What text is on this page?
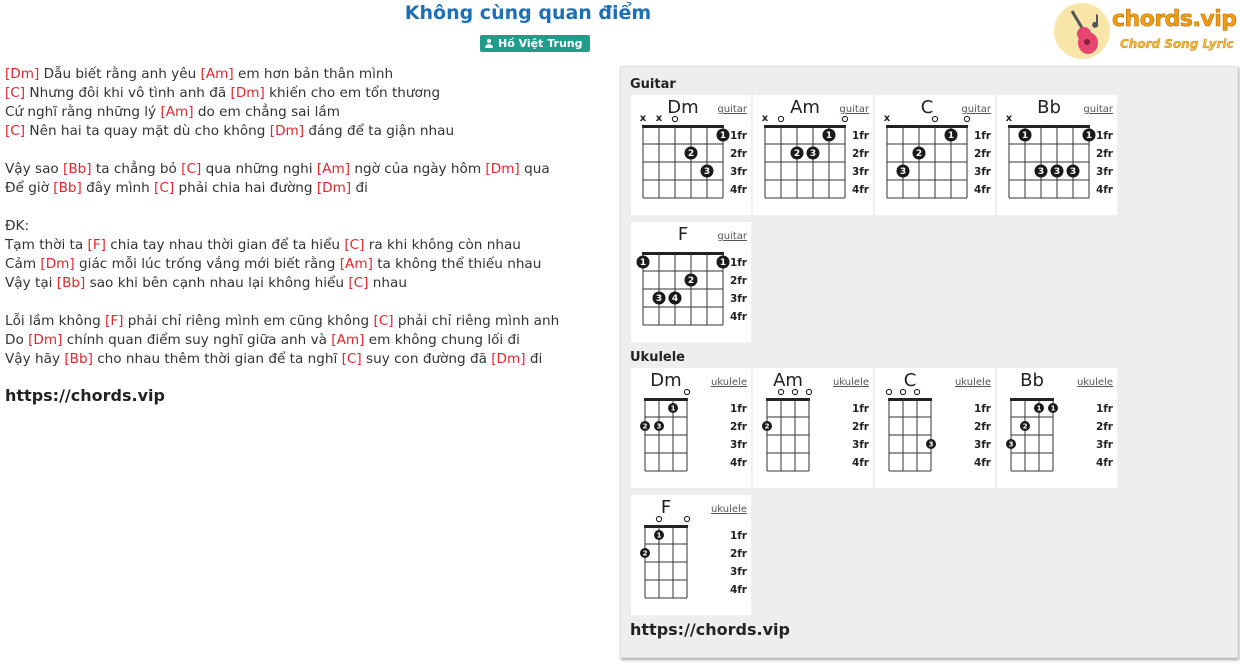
Không cùng quan điểm
Hồ Việt Trung
chords.vip
Chord Song Lyric
[Dm] Dẫu biết rằng anh yêu [Am] em hơn bản thân mình
[C] Nhưng đôi khi vô tình anh đã [Dm] khiến cho em tổn thương
Cứ nghĩ rằng những lý [Am] do em chẳng sai lầm
[C] Nên hai ta quay mặt dù cho không [Dm] đáng để ta giận nhau
Vậy sao [Bb] ta chẳng bỏ [C] qua những nghi [Am] ngờ của ngày hôm [Dm] qua
Để giờ [Bb] đây mình [C] phải chia hai đường [Dm] đi
ĐK:
Tạm thời ta [F] chia tay nhau thời gian để ta hiểu [C] ra khi không còn nhau
Cảm [Dm] giác mỗi lúc trống vắng mới biết rằng [Am] ta không thể thiếu nhau
Vậy tại [Bb] sao khi bên cạnh nhau lại không hiểu [C] nhau
Lỗi lầm không [F] phải chỉ riêng mình em cũng không [C] phải chỉ riêng mình anh
Do [Dm] chính quan điểm suy nghĩ giữa anh và [Am] em không chung lối đi
Vậy hãy [Bb] cho nhau thêm thời gian để ta nghĩ [C] suy con đường đã [Dm] đi
https://chords.vip
Guitar
Ukulele
Dm guitar
x x
1fr
2fr
3fr
4fr
2
3
1
Am guitar
x
1fr
2fr
3fr
4fr
2 3
1
C	guitar
x
1fr
2fr
3fr
4fr
3
2
1
Bb guitar
x
1fr
2fr
3fr
4fr
1	1
3 3 3
F	guitar
1fr
2fr
3fr
4fr
1	1
2
3 4
Dm	ukulele
1fr
2fr
3fr
4fr
2 3
1
Am	ukulele
1fr
2fr
3fr
4fr
2
C	ukulele
1fr
2fr
3fr
4fr
3
Bb	ukulele
1fr
2fr
3fr
4fr
3
2
1 1
F	ukulele
1fr
2fr
3fr
4fr
2
1
https://chords.vip
